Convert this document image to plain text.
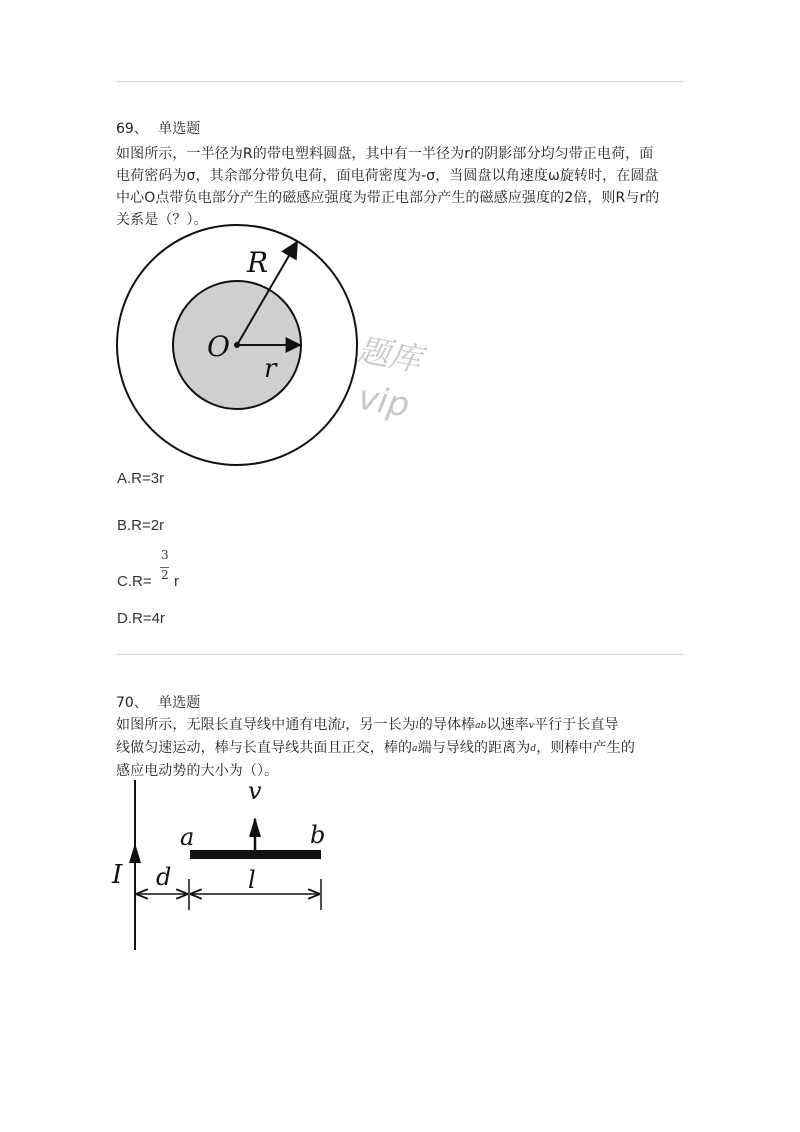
69、 单选题
如图所示，一半径为R的带电塑料圆盘，其中有一半径为r的阴影部分均匀带正电荷，面
电荷密码为σ，其余部分带负电荷，面电荷密度为-σ，当圆盘以角速度ω旋转时，在圆盘
中心O点带负电部分产生的磁感应强度为带正电部分产生的磁感应强度的2倍，则R与r的
关系是（？）。
R
O
r 题库
vip
A.R=3r
B.R=2r
3
2
C.R= r
D.R=4r
70、 单选题
如图所示，无限长直导线中通有电流I，另一长为l的导体棒ab以速率v平行于长直导
线做匀速运动，棒与长直导线共面且正交，棒的a端与导线的距离为d，则棒中产生的
感应电动势的大小为（）。
v
a	b
I d	l
